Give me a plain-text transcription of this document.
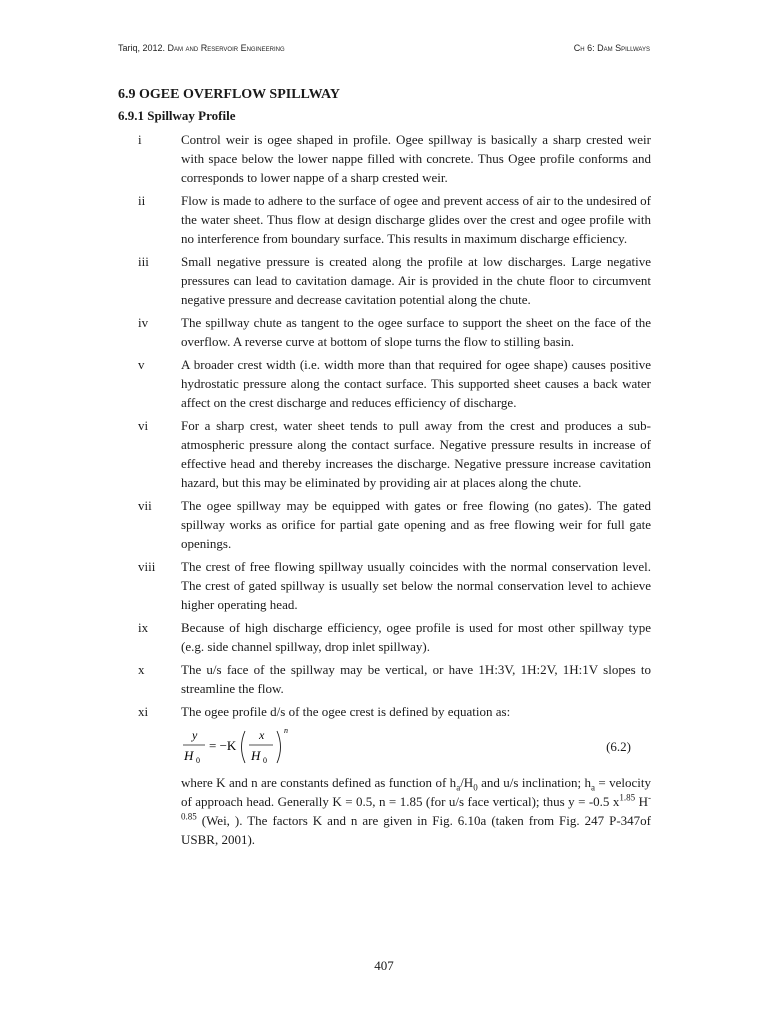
Tariq, 2012. Dam and Reservoir Engineering	Ch 6: Dam Spillways
6.9 OGEE OVERFLOW SPILLWAY
6.9.1 Spillway Profile
i	Control weir is ogee shaped in profile. Ogee spillway is basically a sharp crested weir with space below the lower nappe filled with concrete. Thus Ogee profile conforms and corresponds to lower nappe of a sharp crested weir.
ii	Flow is made to adhere to the surface of ogee and prevent access of air to the undesired of the water sheet. Thus flow at design discharge glides over the crest and ogee profile with no interference from boundary surface. This results in maximum discharge efficiency.
iii	Small negative pressure is created along the profile at low discharges. Large negative pressures can lead to cavitation damage. Air is provided in the chute floor to circumvent negative pressure and decrease cavitation potential along the chute.
iv	The spillway chute as tangent to the ogee surface to support the sheet on the face of the overflow. A reverse curve at bottom of slope turns the flow to stilling basin.
v	A broader crest width (i.e. width more than that required for ogee shape) causes positive hydrostatic pressure along the contact surface. This supported sheet causes a back water affect on the crest discharge and reduces efficiency of discharge.
vi	For a sharp crest, water sheet tends to pull away from the crest and produces a sub-atmospheric pressure along the contact surface. Negative pressure results in increase of effective head and thereby increases the discharge. Negative pressure increase cavitation hazard, but this may be eliminated by providing air at places along the chute.
vii	The ogee spillway may be equipped with gates or free flowing (no gates). The gated spillway works as orifice for partial gate opening and as free flowing weir for full gate openings.
viii	The crest of free flowing spillway usually coincides with the normal conservation level. The crest of gated spillway is usually set below the normal conservation level to achieve higher operating head.
ix	Because of high discharge efficiency, ogee profile is used for most other spillway type (e.g. side channel spillway, drop inlet spillway).
x	The u/s face of the spillway may be vertical, or have 1H:3V, 1H:2V, 1H:1V slopes to streamline the flow.
xi	The ogee profile d/s of the ogee crest is defined by equation as:
y
H 0
= −K
x
H 0
n
(6.2)
where K and n are constants defined as function of $h_a/H_0$ and u/s inclination; $h_a$ = velocity of approach head. Generally K = 0.5, n = 1.85 (for u/s face vertical); thus y = -0.5 $x^{1.85}$ $H^{-0.85}$ (Wei, ). The factors K and n are given in Fig. 6.10a (taken from Fig. 247 P-347of USBR, 2001).
407
